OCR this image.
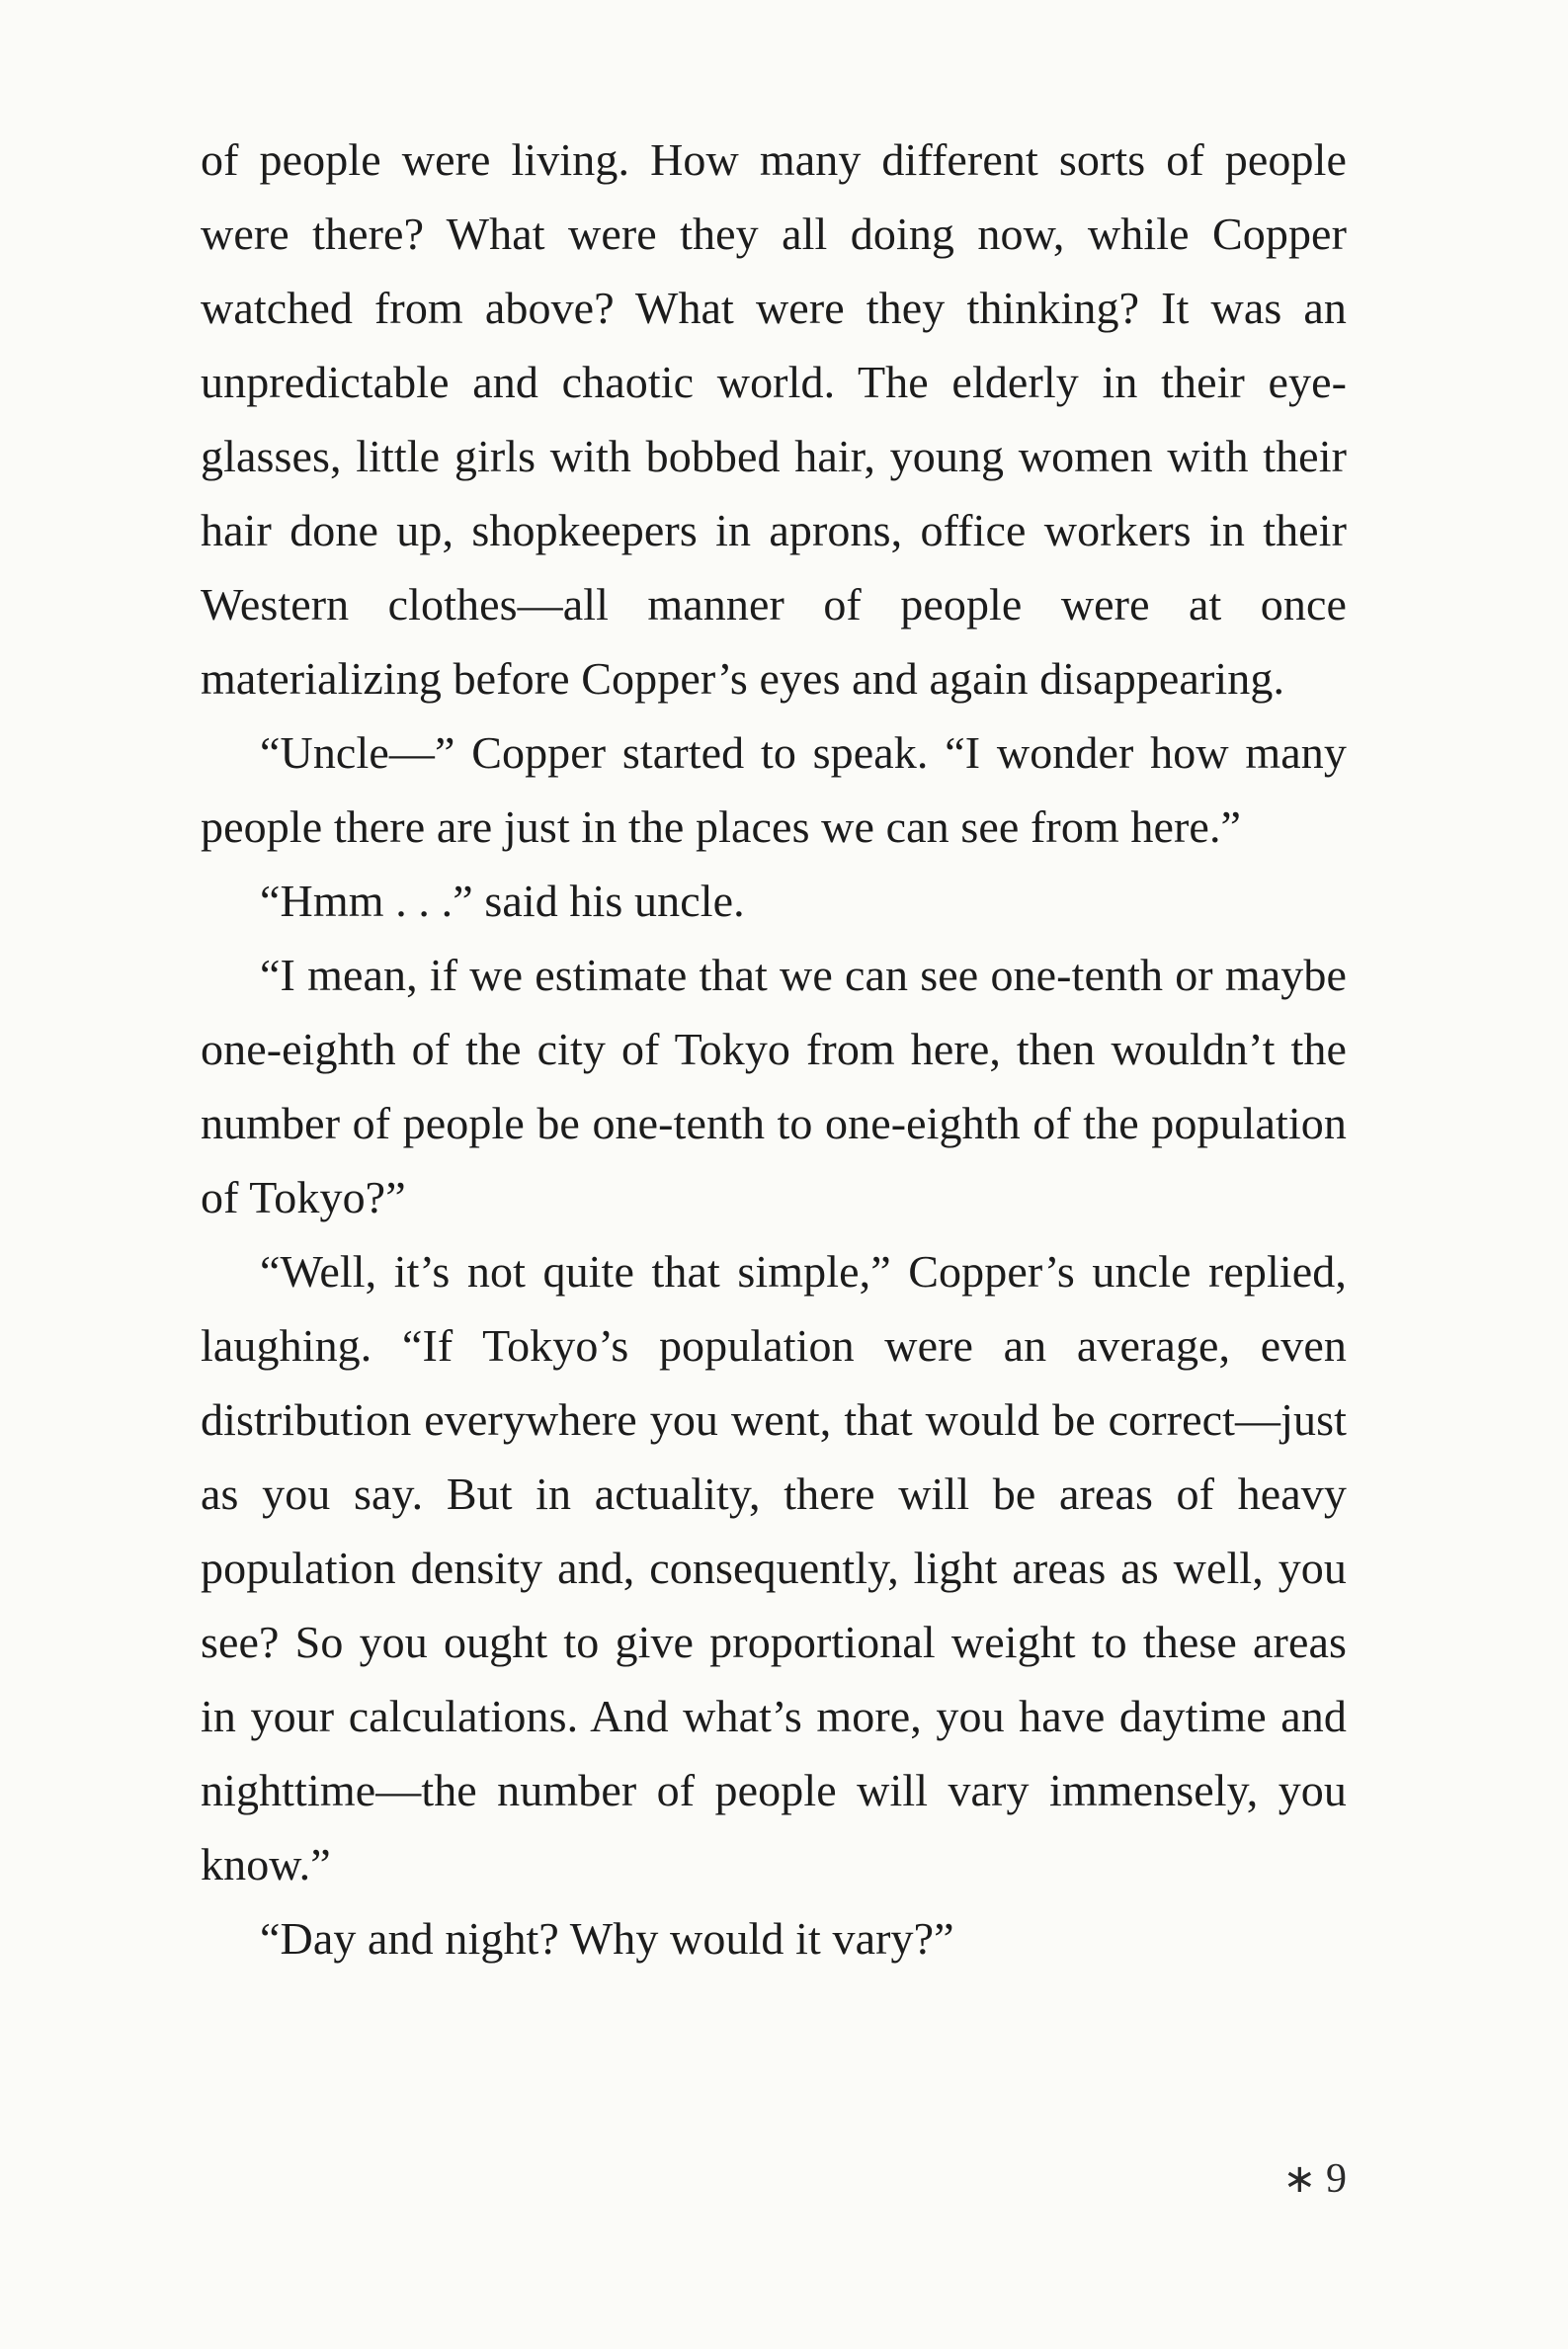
of people were living. How many different sorts of people were there? What were they all doing now, while Copper watched from above? What were they thinking? It was an unpredictable and chaotic world. The elderly in their eyeglasses, little girls with bobbed hair, young women with their hair done up, shopkeepers in aprons, office workers in their Western clothes—all manner of people were at once materializing before Copper’s eyes and again disappearing.

“Uncle—” Copper started to speak. “I wonder how many people there are just in the places we can see from here.”

“Hmm . . .” said his uncle.

“I mean, if we estimate that we can see one-tenth or maybe one-eighth of the city of Tokyo from here, then wouldn’t the number of people be one-tenth to one-eighth of the population of Tokyo?”

“Well, it’s not quite that simple,” Copper’s uncle replied, laughing. “If Tokyo’s population were an average, even distribution everywhere you went, that would be correct—just as you say. But in actuality, there will be areas of heavy population density and, consequently, light areas as well, you see? So you ought to give proportional weight to these areas in your calculations. And what’s more, you have daytime and nighttime—the number of people will vary immensely, you know.”

“Day and night? Why would it vary?”

∗9
